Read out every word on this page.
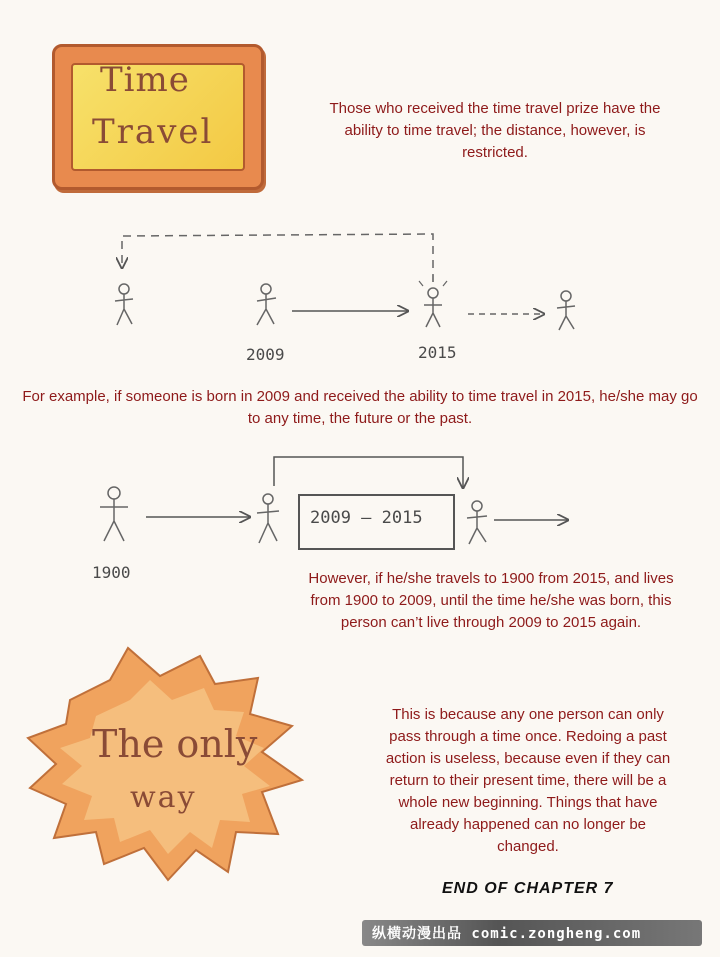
Time
Travel
Those who received the time travel prize have the ability to time travel; the distance, however, is restricted.
2009	2015
For example, if someone is born in 2009 and received the ability to time travel in 2015, he/she may go to any time, the future or the past.
2009 – 2015
1900	However, if he/she travels to 1900 from 2015, and lives from 1900 to 2009, until the time he/she was born, this person can’t live through 2009 to 2015 again.
The only
way
This is because any one person can only pass through a time once. Redoing a past action is useless, because even if they can return to their present time, there will be a whole new beginning. Things that have already happened can no longer be changed.
END OF CHAPTER 7
纵横动漫出品 comic.zongheng.com
